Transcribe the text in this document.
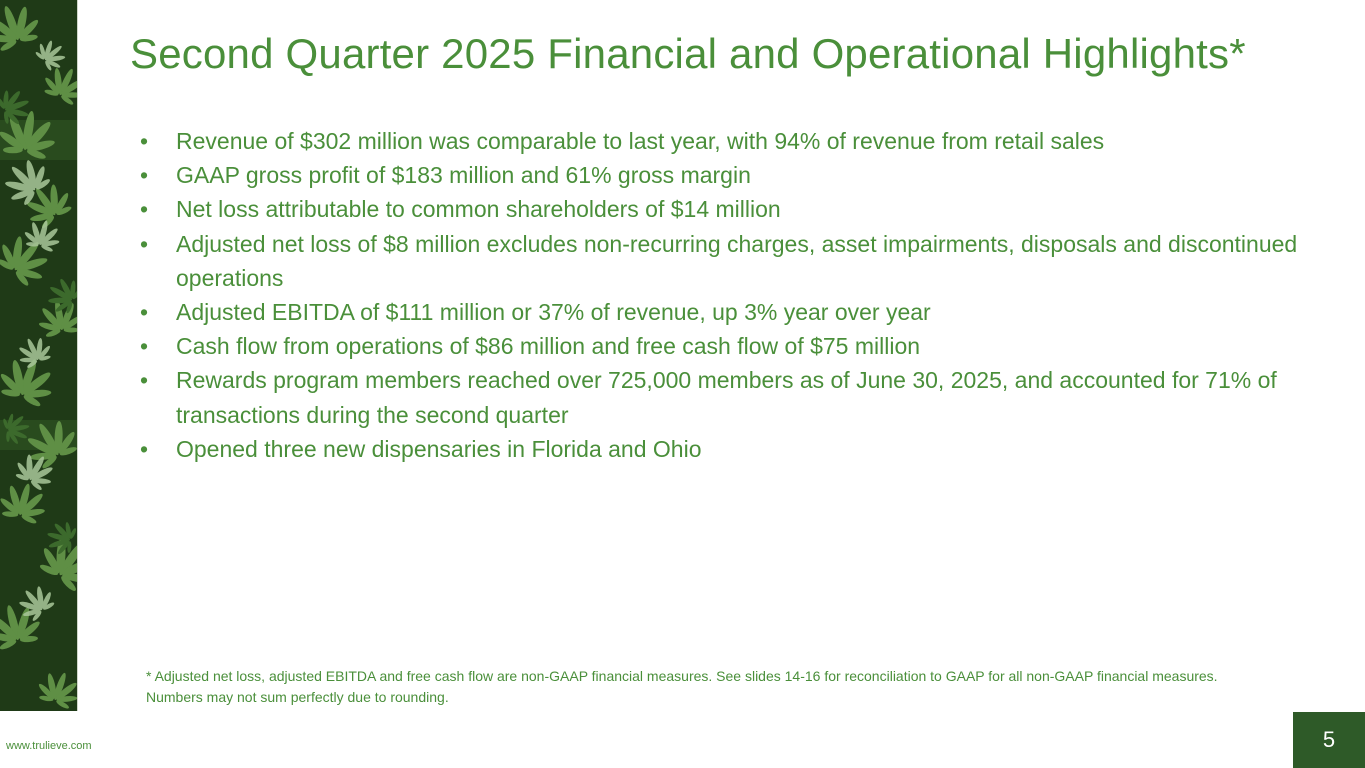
Second Quarter 2025 Financial and Operational Highlights*
• Revenue of $302 million was comparable to last year, with 94% of revenue from retail sales
• GAAP gross profit of $183 million and 61% gross margin
• Net loss attributable to common shareholders of $14 million
• Adjusted net loss of $8 million excludes non-recurring charges, asset impairments, disposals and discontinued operations
• Adjusted EBITDA of $111 million or 37% of revenue, up 3% year over year
• Cash flow from operations of $86 million and free cash flow of $75 million
• Rewards program members reached over 725,000 members as of June 30, 2025, and accounted for 71% of transactions during the second quarter
• Opened three new dispensaries in Florida and Ohio
* Adjusted net loss, adjusted EBITDA and free cash flow are non-GAAP financial measures. See slides 14-16 for reconciliation to GAAP for all non-GAAP financial measures. Numbers may not sum perfectly due to rounding.
www.trulieve.com	5
